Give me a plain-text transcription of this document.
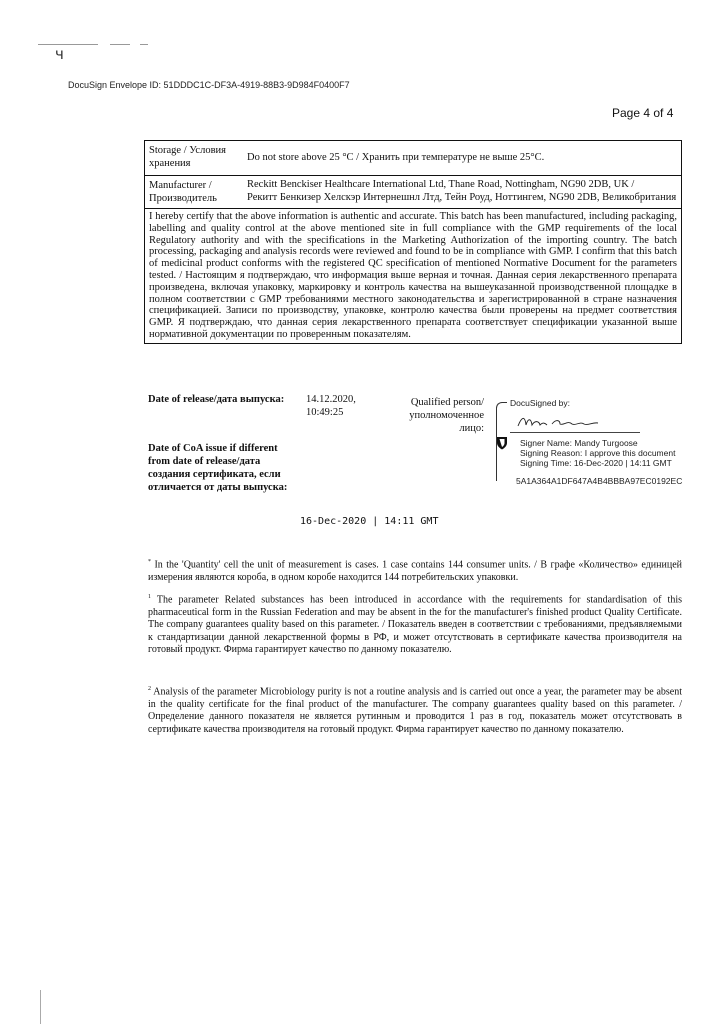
ч
DocuSign Envelope ID: 51DDDC1C-DF3A-4919-88B3-9D984F0400F7
Page 4 of 4
Storage / Условия хранения
Do not store above 25 °C / Хранить при температуре не выше 25°C.
Manufacturer / Производитель
Reckitt Benckiser Healthcare International Ltd, Thane Road, Nottingham, NG90 2DB, UK /
Рекитт Бенкизер Хелскэр Интернешнл Лтд, Тейн Роуд, Ноттингем, NG90 2DB, Великобритания
I hereby certify that the above information is authentic and accurate. This batch has been manufactured, including packaging, labelling and quality control at the above mentioned site in full compliance with the GMP requirements of the local Regulatory authority and with the specifications in the Marketing Authorization of the importing country. The batch processing, packaging and analysis records were reviewed and found to be in compliance with GMP. I confirm that this batch of medicinal product conforms with the registered QC specification of mentioned Normative Document for the parameters tested. / Настоящим я подтверждаю, что информация выше верная и точная. Данная серия лекарственного препарата произведена, включая упаковку, маркировку и контроль качества на вышеуказанной производственной площадке в полном соответствии с GMP требованиями местного законодательства и зарегистрированной в стране назначения спецификацией. Записи по производству, упаковке, контролю качества были проверены на предмет соответствия GMP. Я подтверждаю, что данная серия лекарственного препарата соответствует спецификации указанной выше нормативной документации по проверенным показателям.
Date of release/дата выпуска: 14.12.2020,
10:49:25
Qualified person/
уполномоченное
лицо:
DocuSigned by:
Signer Name: Mandy Turgoose
Signing Reason: I approve this document
Signing Time: 16-Dec-2020 | 14:11 GMT
5A1A364A1DF647A4B4BBBA97EC0192EC
Date of CoA issue if different
from date of release/дата
создания сертификата, если
отличается от даты выпуска:
16-Dec-2020 | 14:11 GMT
* In the 'Quantity' cell the unit of measurement is cases. 1 case contains 144 consumer units. / В графе «Количество» единицей измерения являются короба, в одном коробе находится 144 потребительских упаковки.
$^1$ The parameter Related substances has been introduced in accordance with the requirements for standardisation of this pharmaceutical form in the Russian Federation and may be absent in the for the manufacturer's finished product Quality Certificate. The company guarantees quality based on this parameter. / Показатель введен в соответствии с требованиями, предъявляемыми к стандартизации данной лекарственной формы в РФ, и может отсутствовать в сертификате качества производителя на готовый продукт. Фирма гарантирует качество по данному показателю.
$^2$ Analysis of the parameter Microbiology purity is not a routine analysis and is carried out once a year, the parameter may be absent in the quality certificate for the final product of the manufacturer. The company guarantees quality based on this parameter. / Определение данного показателя не является рутинным и проводится 1 раз в год, показатель может отсутствовать в сертификате качества производителя на готовый продукт. Фирма гарантирует качество по данному показателю.
